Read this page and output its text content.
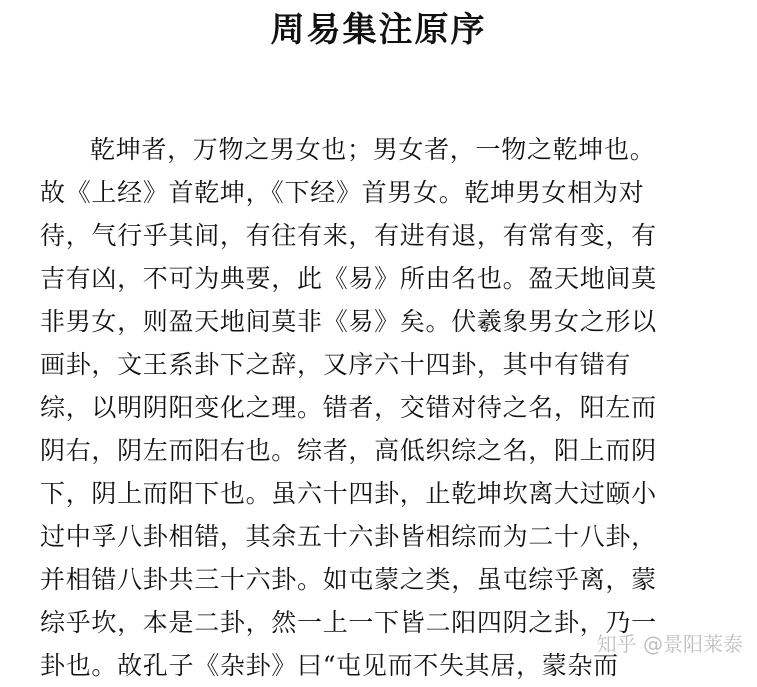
周易集注原序
乾坤者，万物之男女也；男女者，一物之乾坤也。
故《上经》首乾坤，《下经》首男女。乾坤男女相为对
待，气行乎其间，有往有来，有进有退，有常有变，有
吉有凶，不可为典要，此《易》所由名也。盈天地间莫
非男女，则盈天地间莫非《易》矣。伏羲象男女之形以
画卦，文王系卦下之辞，又序六十四卦，其中有错有
综，以明阴阳变化之理。错者，交错对待之名，阳左而
阴右，阴左而阳右也。综者，高低织综之名，阳上而阴
下，阴上而阳下也。虽六十四卦，止乾坤坎离大过颐小
过中孚八卦相错，其余五十六卦皆相综而为二十八卦，
并相错八卦共三十六卦。如屯蒙之类，虽屯综乎离，蒙
综乎坎，本是二卦，然一上一下皆二阳四阴之卦，乃一
卦也。故孔子《杂卦》曰“屯见而不失其居，蒙杂而
知乎 @景阳莱泰
